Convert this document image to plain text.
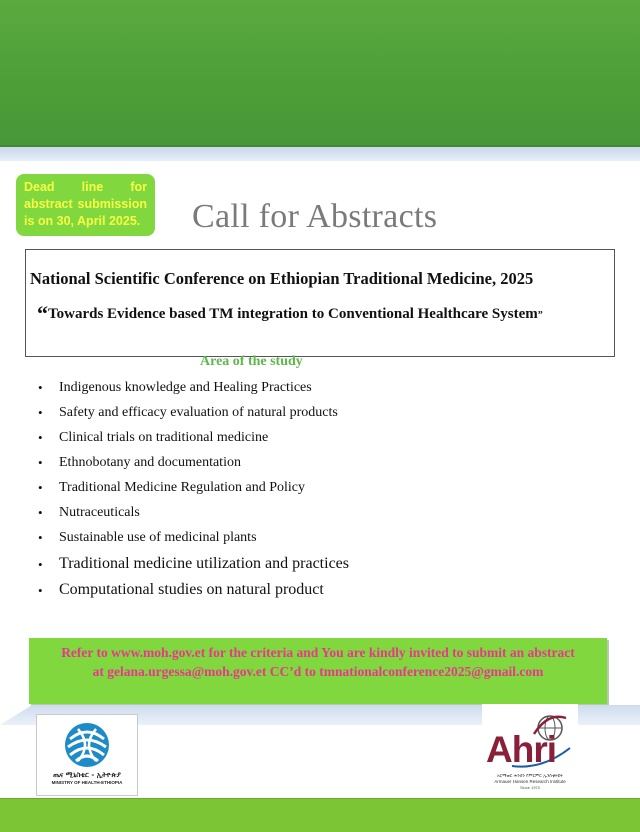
Dead line for
abstract submission
is on 30, April 2025. Call for Abstracts
National Scientific Conference on Ethiopian Traditional Medicine, 2025
“Towards Evidence based TM integration to Conventional Healthcare System”
Area of the study
• Indigenous knowledge and Healing Practices
• Safety and efficacy evaluation of natural products
• Clinical trials on traditional medicine
• Ethnobotany and documentation
• Traditional Medicine Regulation and Policy
• Nutraceuticals
• Sustainable use of medicinal plants
• Traditional medicine utilization and practices
• Computational studies on natural product
Refer to www.moh.gov.et for the criteria and You are kindly invited to submit an abstract
at gelana.urgessa@moh.gov.et CC’d to tmnationalconference2025@gmail.com
ጤና ሚኒስቴር - ኢትዮጵያ
MINISTRY OF HEALTH-ETHIOPIA
Ahri
አርማወር ሐንሰን የምርምር ኢንስቲትዩት
Armauer Hansen Research Institute
Since 1970
